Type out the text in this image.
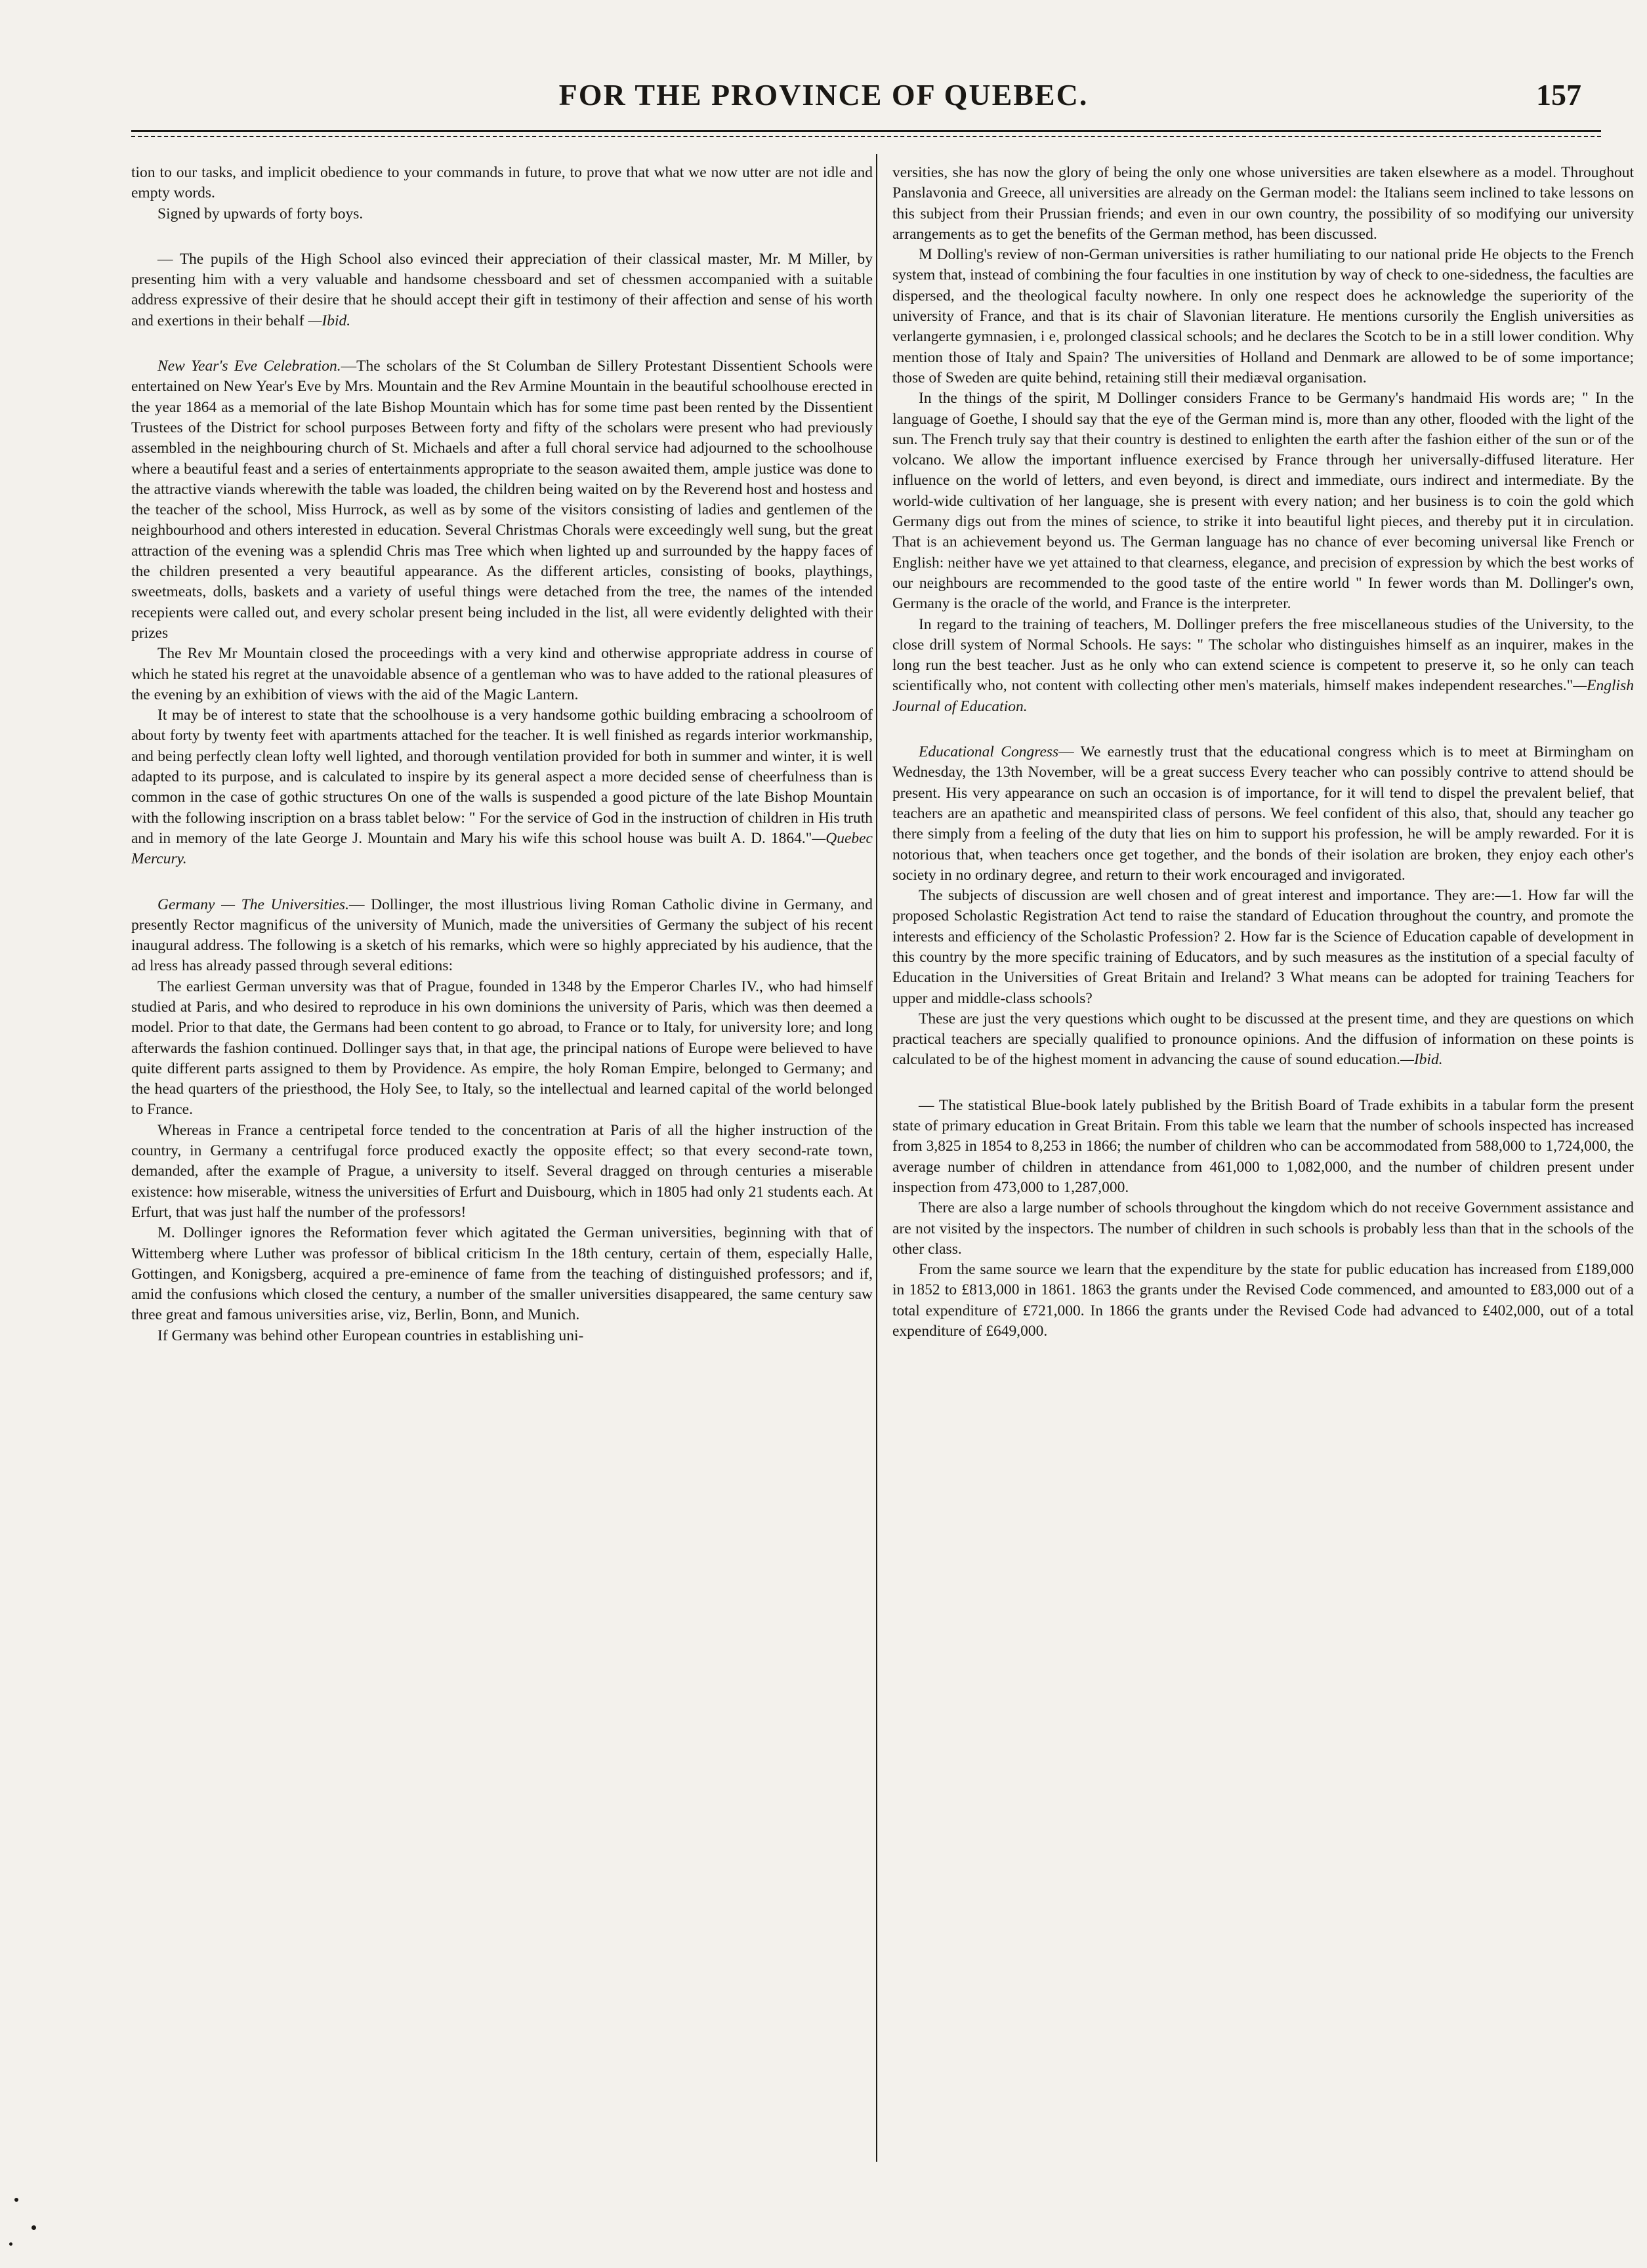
FOR THE PROVINCE OF QUEBEC.	157

tion to our tasks, and implicit obedience to your commands in future, to prove that what we now utter are not idle and empty words.

Signed by upwards of forty boys.

— The pupils of the High School also evinced their appreciation of their classical master, Mr. M Miller, by presenting him with a very valuable and handsome chessboard and set of chessmen accompanied with a suitable address expressive of their desire that he should accept their gift in testimony of their affection and sense of his worth and exertions in their behalf —Ibid.

New Year's Eve Celebration.—The scholars of the St Columban de Sillery Protestant Dissentient Schools were entertained on New Year's Eve by Mrs. Mountain and the Rev Armine Mountain in the beautiful schoolhouse erected in the year 1864 as a memorial of the late Bishop Mountain which has for some time past been rented by the Dissentient Trustees of the District for school purposes Between forty and fifty of the scholars were present who had previously assembled in the neighbouring church of St. Michaels and after a full choral service had adjourned to the schoolhouse where a beautiful feast and a series of entertainments appropriate to the season awaited them, ample justice was done to the attractive viands wherewith the table was loaded, the children being waited on by the Reverend host and hostess and the teacher of the school, Miss Hurrock, as well as by some of the visitors consisting of ladies and gentlemen of the neighbourhood and others interested in education. Several Christmas Chorals were exceedingly well sung, but the great attraction of the evening was a splendid Chris mas Tree which when lighted up and surrounded by the happy faces of the children presented a very beautiful appearance. As the different articles, consisting of books, playthings, sweetmeats, dolls, baskets and a variety of useful things were detached from the tree, the names of the intended recepients were called out, and every scholar present being included in the list, all were evidently delighted with their prizes

The Rev Mr Mountain closed the proceedings with a very kind and otherwise appropriate address in course of which he stated his regret at the unavoidable absence of a gentleman who was to have added to the rational pleasures of the evening by an exhibition of views with the aid of the Magic Lantern.

It may be of interest to state that the schoolhouse is a very handsome gothic building embracing a schoolroom of about forty by twenty feet with apartments attached for the teacher. It is well finished as regards interior workmanship, and being perfectly clean lofty well lighted, and thorough ventilation provided for both in summer and winter, it is well adapted to its purpose, and is calculated to inspire by its general aspect a more decided sense of cheerfulness than is common in the case of gothic structures On one of the walls is suspended a good picture of the late Bishop Mountain with the following inscription on a brass tablet below: " For the service of God in the instruction of children in His truth and in memory of the late George J. Mountain and Mary his wife this school house was built A. D. 1864."—Quebec Mercury.

Germany — The Universities.— Dollinger, the most illustrious living Roman Catholic divine in Germany, and presently Rector magnificus of the university of Munich, made the universities of Germany the subject of his recent inaugural address. The following is a sketch of his remarks, which were so highly appreciated by his audience, that the ad lress has already passed through several editions:

The earliest German unversity was that of Prague, founded in 1348 by the Emperor Charles IV., who had himself studied at Paris, and who desired to reproduce in his own dominions the university of Paris, which was then deemed a model. Prior to that date, the Germans had been content to go abroad, to France or to Italy, for university lore; and long afterwards the fashion continued. Dollinger says that, in that age, the principal nations of Europe were believed to have quite different parts assigned to them by Providence. As empire, the holy Roman Empire, belonged to Germany; and the head quarters of the priesthood, the Holy See, to Italy, so the intellectual and learned capital of the world belonged to France.

Whereas in France a centripetal force tended to the concentration at Paris of all the higher instruction of the country, in Germany a centrifugal force produced exactly the opposite effect; so that every second-rate town, demanded, after the example of Prague, a university to itself. Several dragged on through centuries a miserable existence: how miserable, witness the universities of Erfurt and Duisbourg, which in 1805 had only 21 students each. At Erfurt, that was just half the number of the professors!

M. Dollinger ignores the Reformation fever which agitated the German universities, beginning with that of Wittemberg where Luther was professor of biblical criticism In the 18th century, certain of them, especially Halle, Gottingen, and Konigsberg, acquired a pre-eminence of fame from the teaching of distinguished professors; and if, amid the confusions which closed the century, a number of the smaller universities disappeared, the same century saw three great and famous universities arise, viz, Berlin, Bonn, and Munich.

If Germany was behind other European countries in establishing uni-

versities, she has now the glory of being the only one whose universities are taken elsewhere as a model. Throughout Panslavonia and Greece, all universities are already on the German model: the Italians seem inclined to take lessons on this subject from their Prussian friends; and even in our own country, the possibility of so modifying our university arrangements as to get the benefits of the German method, has been discussed.

M Dolling's review of non-German universities is rather humiliating to our national pride He objects to the French system that, instead of combining the four faculties in one institution by way of check to one-sidedness, the faculties are dispersed, and the theological faculty nowhere. In only one respect does he acknowledge the superiority of the university of France, and that is its chair of Slavonian literature. He mentions cursorily the English universities as verlangerte gymnasien, i e, prolonged classical schools; and he declares the Scotch to be in a still lower condition. Why mention those of Italy and Spain? The universities of Holland and Denmark are allowed to be of some importance; those of Sweden are quite behind, retaining still their mediæval organisation.

In the things of the spirit, M Dollinger considers France to be Germany's handmaid His words are; " In the language of Goethe, I should say that the eye of the German mind is, more than any other, flooded with the light of the sun. The French truly say that their country is destined to enlighten the earth after the fashion either of the sun or of the volcano. We allow the important influence exercised by France through her universally-diffused literature. Her influence on the world of letters, and even beyond, is direct and immediate, ours indirect and intermediate. By the world-wide cultivation of her language, she is present with every nation; and her business is to coin the gold which Germany digs out from the mines of science, to strike it into beautiful light pieces, and thereby put it in circulation. That is an achievement beyond us. The German language has no chance of ever becoming universal like French or English: neither have we yet attained to that clearness, elegance, and precision of expression by which the best works of our neighbours are recommended to the good taste of the entire world " In fewer words than M. Dollinger's own, Germany is the oracle of the world, and France is the interpreter.

In regard to the training of teachers, M. Dollinger prefers the free miscellaneous studies of the University, to the close drill system of Normal Schools. He says: " The scholar who distinguishes himself as an inquirer, makes in the long run the best teacher. Just as he only who can extend science is competent to preserve it, so he only can teach scientifically who, not content with collecting other men's materials, himself makes independent researches."—English Journal of Education.

Educational Congress— We earnestly trust that the educational congress which is to meet at Birmingham on Wednesday, the 13th November, will be a great success Every teacher who can possibly contrive to attend should be present. His very appearance on such an occasion is of importance, for it will tend to dispel the prevalent belief, that teachers are an apathetic and meanspirited class of persons. We feel confident of this also, that, should any teacher go there simply from a feeling of the duty that lies on him to support his profession, he will be amply rewarded. For it is notorious that, when teachers once get together, and the bonds of their isolation are broken, they enjoy each other's society in no ordinary degree, and return to their work encouraged and invigorated.

The subjects of discussion are well chosen and of great interest and importance. They are:—1. How far will the proposed Scholastic Registration Act tend to raise the standard of Education throughout the country, and promote the interests and efficiency of the Scholastic Profession? 2. How far is the Science of Education capable of development in this country by the more specific training of Educators, and by such measures as the institution of a special faculty of Education in the Universities of Great Britain and Ireland? 3 What means can be adopted for training Teachers for upper and middle-class schools?

These are just the very questions which ought to be discussed at the present time, and they are questions on which practical teachers are specially qualified to pronounce opinions. And the diffusion of information on these points is calculated to be of the highest moment in advancing the cause of sound education.—Ibid.

— The statistical Blue-book lately published by the British Board of Trade exhibits in a tabular form the present state of primary education in Great Britain. From this table we learn that the number of schools inspected has increased from 3,825 in 1854 to 8,253 in 1866; the number of children who can be accommodated from 588,000 to 1,724,000, the average number of children in attendance from 461,000 to 1,082,000, and the number of children present under inspection from 473,000 to 1,287,000.

There are also a large number of schools throughout the kingdom which do not receive Government assistance and are not visited by the inspectors. The number of children in such schools is probably less than that in the schools of the other class.

From the same source we learn that the expenditure by the state for public education has increased from £189,000 in 1852 to £813,000 in 1861. 1863 the grants under the Revised Code commenced, and amounted to £83,000 out of a total expenditure of £721,000. In 1866 the grants under the Revised Code had advanced to £402,000, out of a total expenditure of £649,000.
